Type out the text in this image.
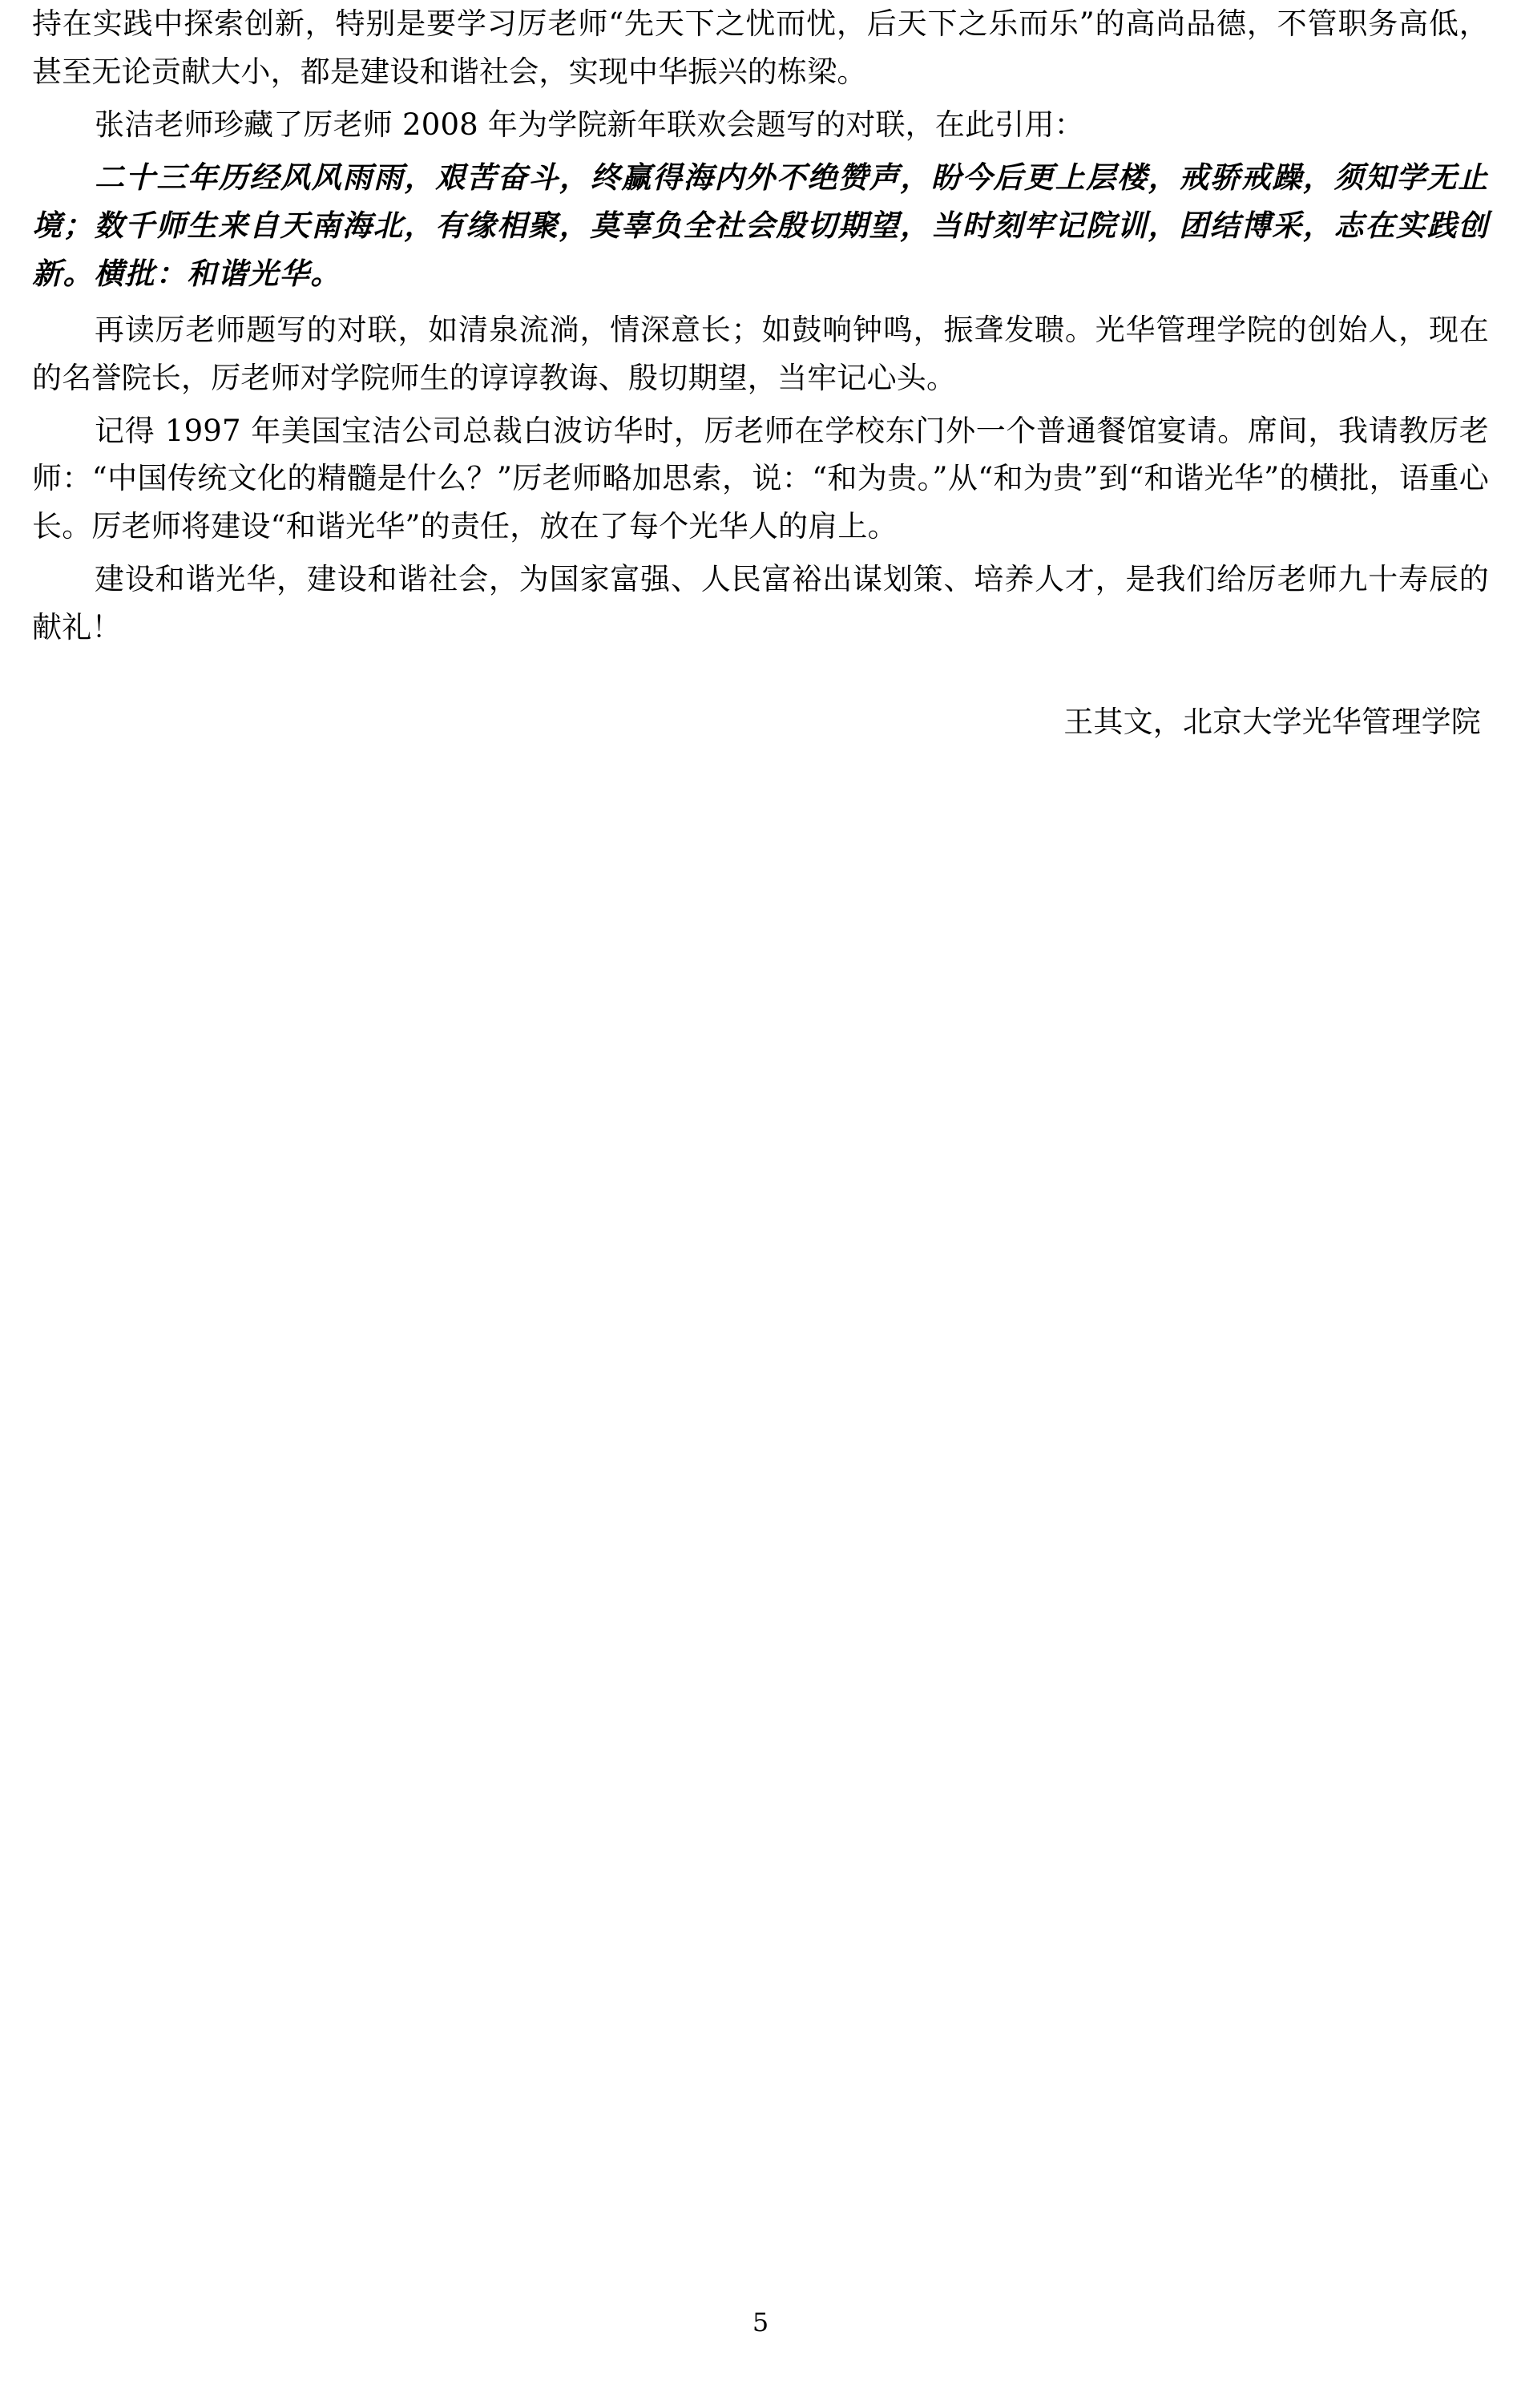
持在实践中探索创新，特别是要学习厉老师“先天下之忧而忧，后天下之乐而乐”的高尚品德，不管职务高低，甚至无论贡献大小，都是建设和谐社会，实现中华振兴的栋梁。

张洁老师珍藏了厉老师 2008 年为学院新年联欢会题写的对联，在此引用：

二十三年历经风风雨雨，艰苦奋斗，终赢得海内外不绝赞声，盼今后更上层楼，戒骄戒躁，须知学无止境；数千师生来自天南海北，有缘相聚，莫辜负全社会殷切期望，当时刻牢记院训，团结博采，志在实践创新。横批：和谐光华。

再读厉老师题写的对联，如清泉流淌，情深意长；如鼓响钟鸣，振聋发聩。光华管理学院的创始人，现在的名誉院长，厉老师对学院师生的谆谆教诲、殷切期望，当牢记心头。

记得 1997 年美国宝洁公司总裁白波访华时，厉老师在学校东门外一个普通餐馆宴请。席间，我请教厉老师：“中国传统文化的精髓是什么？”厉老师略加思索，说：“和为贵。”从“和为贵”到“和谐光华”的横批，语重心长。厉老师将建设“和谐光华”的责任，放在了每个光华人的肩上。

建设和谐光华，建设和谐社会，为国家富强、人民富裕出谋划策、培养人才，是我们给厉老师九十寿辰的献礼！

王其文，北京大学光华管理学院

5
